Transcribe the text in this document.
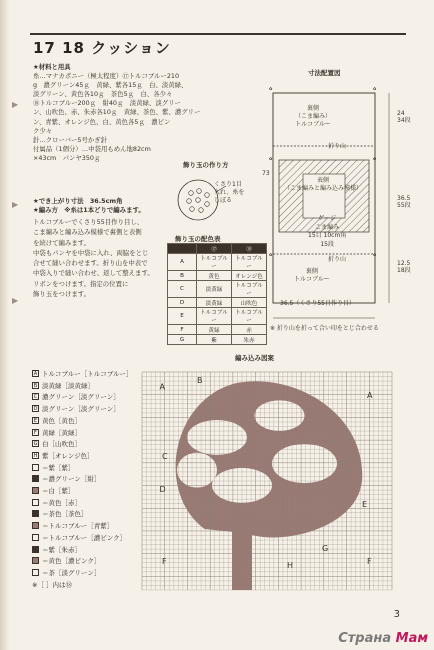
17 18 クッション
▶
▶
▶
★材料と用具
糸…マナカポニー（極太程度）⑰トルコブルー210
g　濃グリーン45ｇ　黄緑、紫各15ｇ　白、淡黄緑、
淡グリーン、黄色各10ｇ　茶色5ｇ　白、各少々
⑱トルコブルー200ｇ　紺40ｇ　淡黄緑、淡グリー
ン、山吹色、赤、朱赤各10ｇ　黄緑、茶色、紫、濃グリー
ン、青紫、オレンジ色、白、黄色各5ｇ　濃ピン
ク少々
針…クローバー5号かぎ針
付属品（1個分）…中袋用もめん地82cm
×43cm　パンヤ350ｇ
★でき上がり寸法　36.5cm角
★編み方　※糸は1本どりで編みます。
トルコブルーでくさり55目作り目し、
こま編みと編み込み模様で裏側と表側
を続けて編みます。
中袋もパンヤを中袋に入れ、両脇をとじ
合せて縫い合わせます。折り山を中表で
中袋入りで縫い合わせ、返して整えます。
リボンをつけます。指定の位置に
飾り玉をつけます。
飾り玉の作り方
くさり1目
入れ、糸を
しぼる
飾り玉の配色表
	⑰	⑱
A	トルコブルー	トルコブルー
B	黄色	オレンジ色
C	淡黄緑	トルコブルー
D	淡黄緑	山吹色
E	トルコブルー	トルコブルー
F	黄緑	赤
G	紫	朱赤
寸法配置図
✿	✿
✿	✿
✿	✿
裏側
（こま編み）
トルコブルー
折り山
表側
（こま編みと編み込み模様）
ゲージ
こま編み
15目 10cm角
15段
折り山
裏側
トルコブルー
36.5（くさり55目作り目）
73
24
34段
36.5
55段
12.5
18段
※ 折り山を折って合い印をとじ合わせる
編み込み図案
A トルコブルー［トルコブルー］
B 淡黄緑［淡黄緑］
C 濃グリーン［淡グリーン］
D 淡グリーン［淡グリーン］
E 黄色［黄色］
F 黄緑［黄緑］
G 白［山吹色］
H 紫［オレンジ色］
＝紫［紫］
＝濃グリーン［紺］
＝白［紫］
＝黄色［赤］
＝茶色［茶色］
＝トルコブルー［青紫］
＝トルコブルー［濃ピンク］
＝紫［朱赤］
＝黄色［濃ピンク］
＝茶［淡グリーン］
※［ ］内は⑱
A
A
B
C
D
E
F	F
G
H
3
Страна Мам
